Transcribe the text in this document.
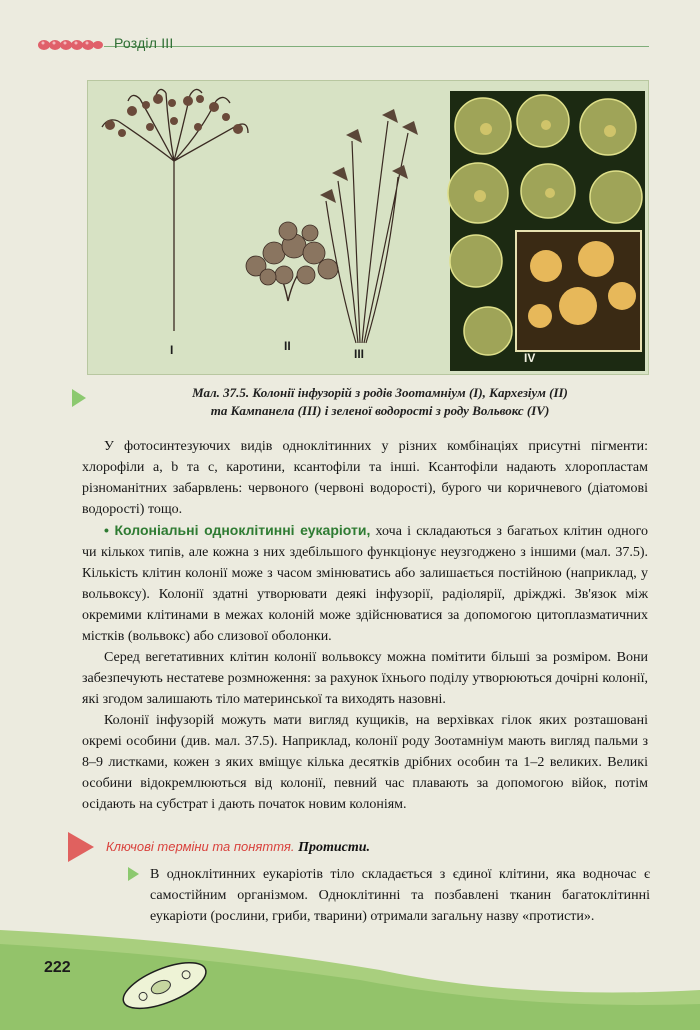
Розділ III
I	II
III	IV
Мал. 37.5. Колонії інфузорій з родів Зоотамніум (I), Кархезіум (II)
та Кампанела (III) і зеленої водорості з роду Вольвокс (IV)

У фотосинтезуючих видів одноклітинних у різних комбінаціях присутні пігменти: хлорофіли a, b та c, каротини, ксантофіли та інші. Ксантофіли надають хлоропластам різноманітних забарвлень: червоного (червоні водорості), бурого чи коричневого (діатомові водорості) тощо.

• Колоніальні одноклітинні еукаріоти, хоча і складаються з багатьох клітин одного чи кількох типів, але кожна з них здебільшого функціонує неузгоджено з іншими (мал. 37.5). Кількість клітин колонії може з часом змінюватись або залишається постійною (наприклад, у вольвоксу). Колонії здатні утворювати деякі інфузорії, радіолярії, дріжджі. Зв'язок між окремими клітинами в межах колоній може здійснюватися за допомогою цитоплазматичних містків (вольвокс) або слизової оболонки.

Серед вегетативних клітин колонії вольвоксу можна помітити більші за розміром. Вони забезпечують нестатеве розмноження: за рахунок їхнього поділу утворюються дочірні колонії, які згодом залишають тіло материнської та виходять назовні.

Колонії інфузорій можуть мати вигляд кущиків, на верхівках гілок яких розташовані окремі особини (див. мал. 37.5). Наприклад, колонії роду Зоотамніум мають вигляд пальми з 8–9 листками, кожен з яких вміщує кілька десятків дрібних особин та 1–2 великих. Великі особини відокремлюються від колонії, певний час плавають за допомогою війок, потім осідають на субстрат і дають початок новим колоніям.

Ключові терміни та поняття. Протисти.
В одноклітинних еукаріотів тіло складається з єдиної клітини, яка водночас є самостійним організмом. Одноклітинні та позбавлені тканин багатоклітинні еукаріоти (рослини, гриби, тварини) отримали загальну назву «протисти».
222
